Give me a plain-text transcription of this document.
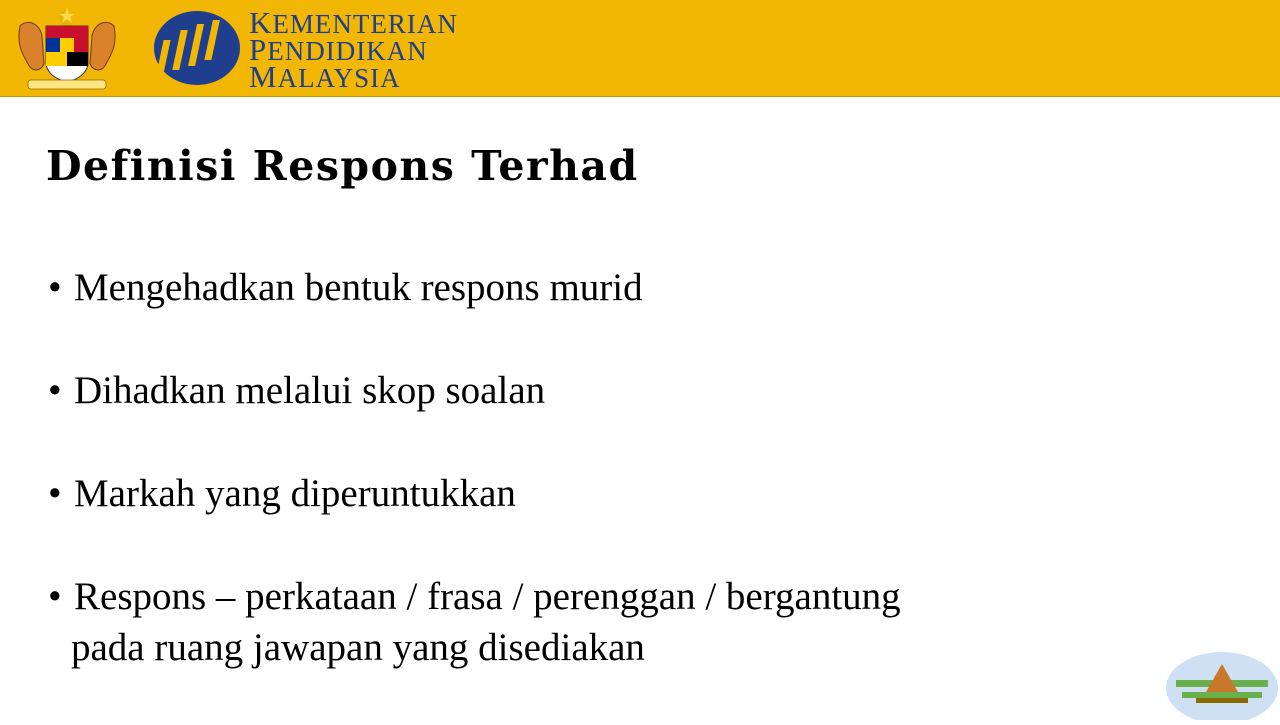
KEMENTERIAN
PENDIDIKAN
MALAYSIA
Definisi Respons Terhad
• Mengehadkan bentuk respons murid
• Dihadkan melalui skop soalan
• Markah yang diperuntukkan
• Respons – perkataan / frasa / perenggan / bergantung
pada ruang jawapan yang disediakan
